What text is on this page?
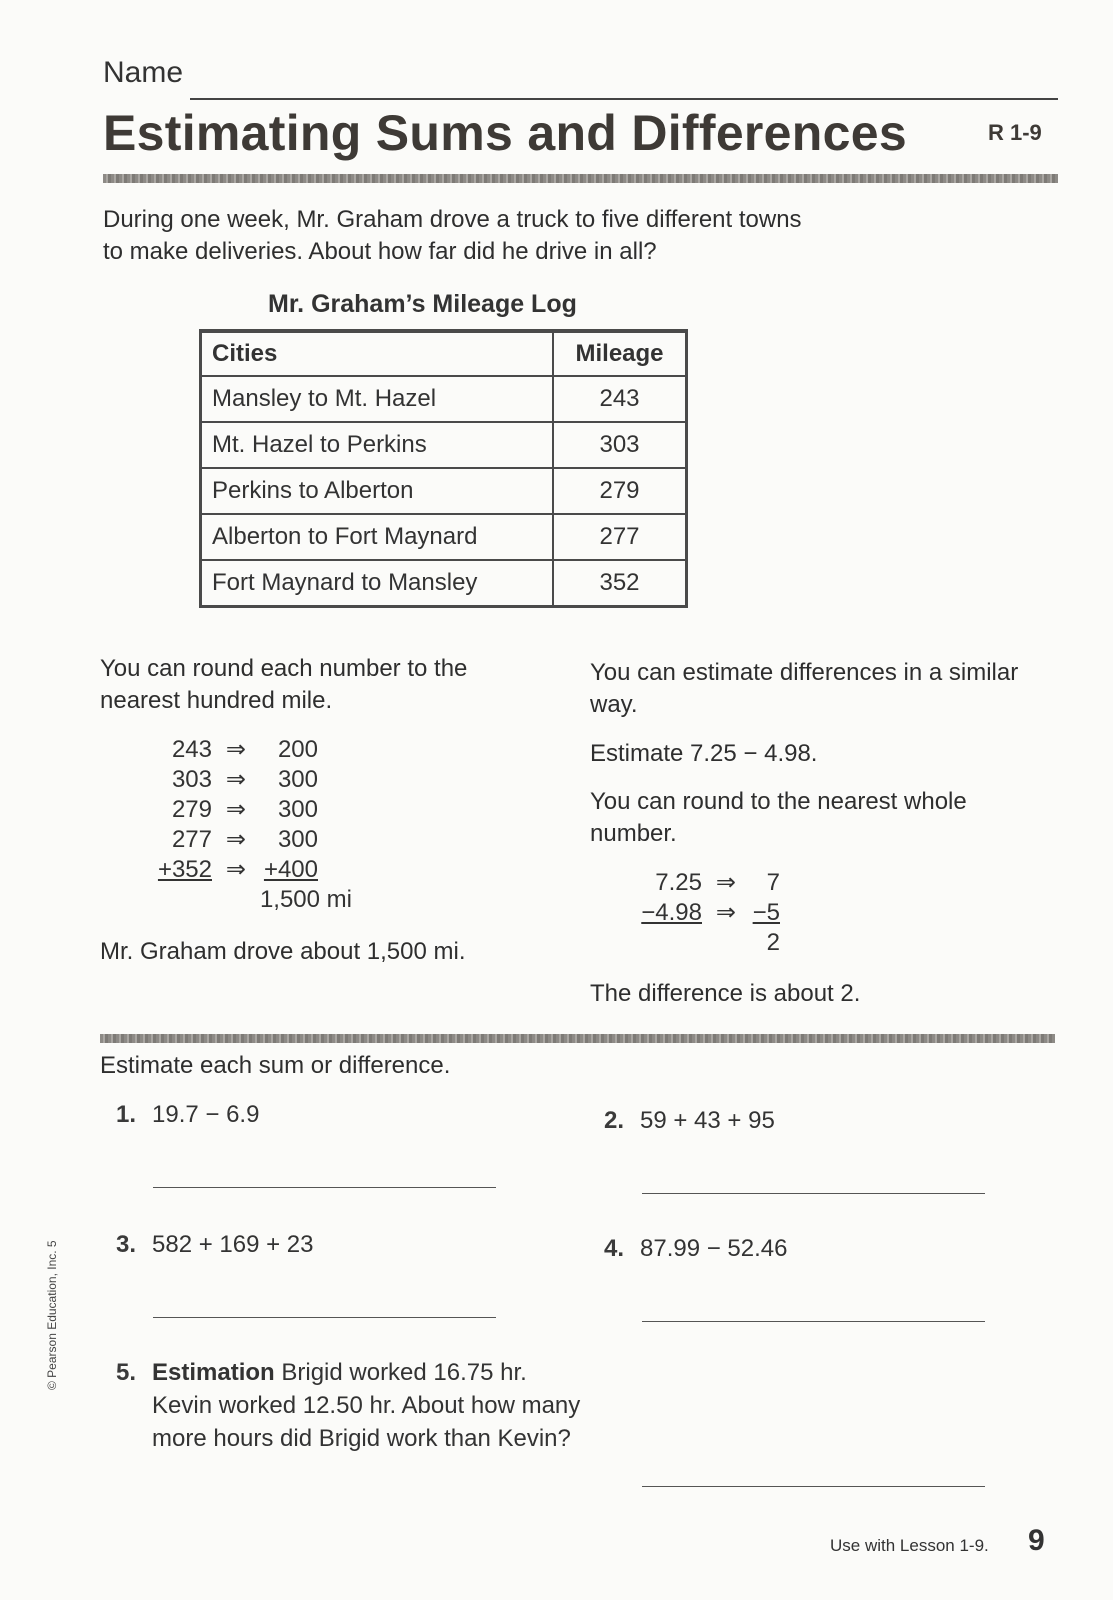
Name
Estimating Sums and Differences	R 1-9
During one week, Mr. Graham drove a truck to five different towns to make deliveries. About how far did he drive in all?
Mr. Graham’s Mileage Log
Cities	Mileage
Mansley to Mt. Hazel	243
Mt. Hazel to Perkins	303
Perkins to Alberton	279
Alberton to Fort Maynard	277
Fort Maynard to Mansley	352
You can round each number to the nearest hundred mile.
243 ⇒	200
303 ⇒	300
279 ⇒	300
277 ⇒	300
+352 ⇒ +400
1,500 mi
Mr. Graham drove about 1,500 mi.
You can estimate differences in a similar way.
Estimate 7.25 − 4.98.
You can round to the nearest whole number.
7.25 ⇒	7
−4.98 ⇒ −5
2
The difference is about 2.
Estimate each sum or difference.
1. 19.7 − 6.9	2. 59 + 43 + 95
3. 582 + 169 + 23	4. 87.99 − 52.46
5. Estimation Brigid worked 16.75 hr. Kevin worked 12.50 hr. About how many more hours did Brigid work than Kevin?
© Pearson Education, Inc. 5
Use with Lesson 1-9. 9
